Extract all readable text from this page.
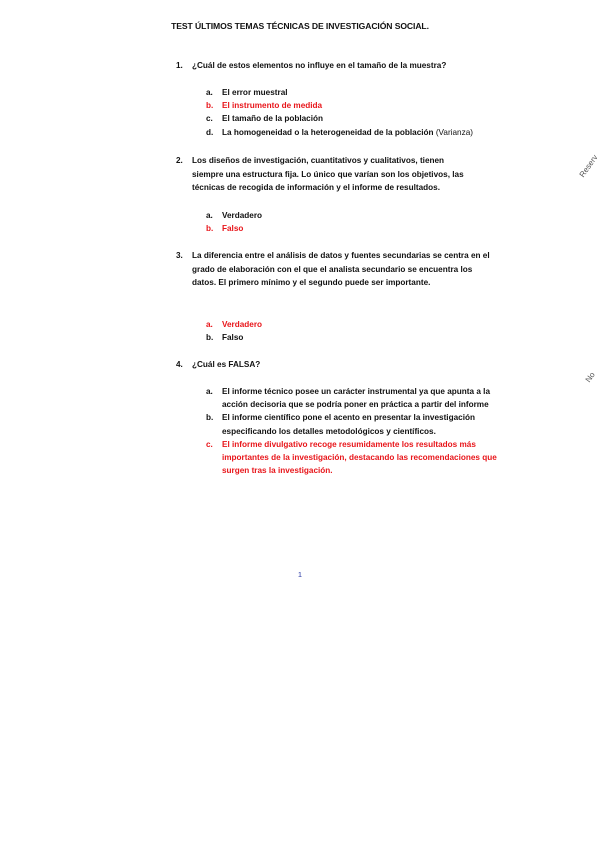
TEST ÚLTIMOS TEMAS TÉCNICAS DE INVESTIGACIÓN SOCIAL.
1. ¿Cuál de estos elementos no influye en el tamaño de la muestra?
a. El error muestral
b. El instrumento de medida
c. El tamaño de la población
d. La homogeneidad o la heterogeneidad de la población (Varianza)
2. Los diseños de investigación, cuantitativos y cualitativos, tienen siempre una estructura fija. Lo único que varían son los objetivos, las técnicas de recogida de información y el informe de resultados.
a. Verdadero
b. Falso
3. La diferencia entre el análisis de datos y fuentes secundarias se centra en el grado de elaboración con el que el analista secundario se encuentra los datos. El primero mínimo y el segundo puede ser importante.
a. Verdadero
b. Falso
4. ¿Cuál es FALSA?
a. El informe técnico posee un carácter instrumental ya que apunta a la acción decisoria que se podría poner en práctica a partir del informe
b. El informe científico pone el acento en presentar la investigación especificando los detalles metodológicos y científicos.
c. El informe divulgativo recoge resumidamente los resultados más importantes de la investigación, destacando las recomendaciones que surgen tras la investigación.
1
Reserv
No
